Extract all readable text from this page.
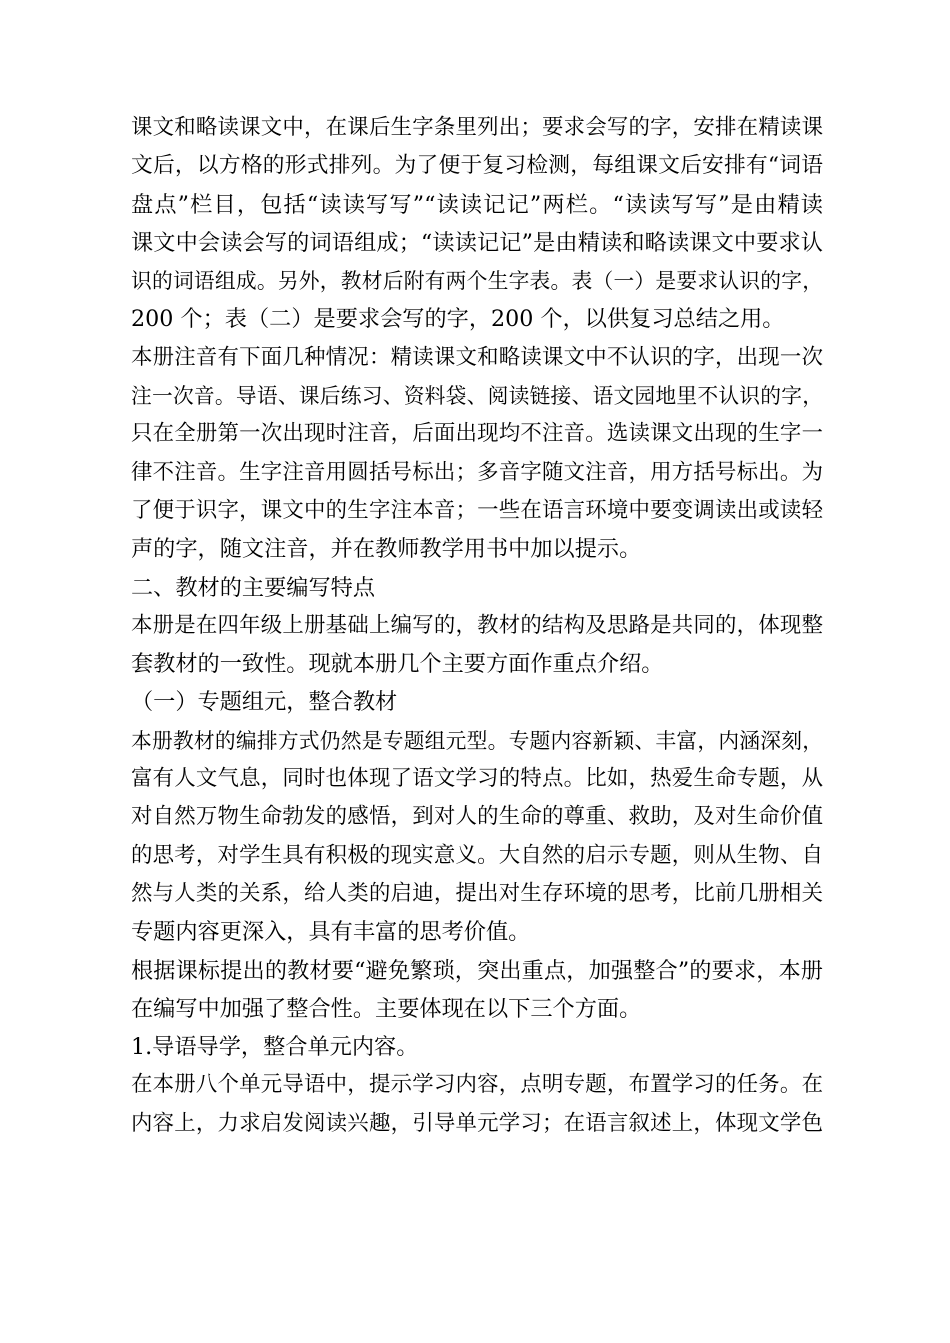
课文和略读课文中，在课后生字条里列出；要求会写的字，安排在精读课
文后，以方格的形式排列。为了便于复习检测，每组课文后安排有“词语
盘点”栏目，包括“读读写写”“读读记记”两栏。“读读写写”是由精读
课文中会读会写的词语组成；“读读记记”是由精读和略读课文中要求认
识的词语组成。另外，教材后附有两个生字表。表（一）是要求认识的字，
200 个；表（二）是要求会写的字，200 个，以供复习总结之用。
本册注音有下面几种情况：精读课文和略读课文中不认识的字，出现一次
注一次音。导语、课后练习、资料袋、阅读链接、语文园地里不认识的字，
只在全册第一次出现时注音，后面出现均不注音。选读课文出现的生字一
律不注音。生字注音用圆括号标出；多音字随文注音，用方括号标出。为
了便于识字，课文中的生字注本音；一些在语言环境中要变调读出或读轻
声的字，随文注音，并在教师教学用书中加以提示。
二、教材的主要编写特点
本册是在四年级上册基础上编写的，教材的结构及思路是共同的，体现整
套教材的一致性。现就本册几个主要方面作重点介绍。
（一）专题组元，整合教材
本册教材的编排方式仍然是专题组元型。专题内容新颖、丰富，内涵深刻，
富有人文气息，同时也体现了语文学习的特点。比如，热爱生命专题，从
对自然万物生命勃发的感悟，到对人的生命的尊重、救助，及对生命价值
的思考，对学生具有积极的现实意义。大自然的启示专题，则从生物、自
然与人类的关系，给人类的启迪，提出对生存环境的思考，比前几册相关
专题内容更深入，具有丰富的思考价值。
根据课标提出的教材要“避免繁琐，突出重点，加强整合”的要求，本册
在编写中加强了整合性。主要体现在以下三个方面。
1.导语导学，整合单元内容。
在本册八个单元导语中，提示学习内容，点明专题，布置学习的任务。在
内容上，力求启发阅读兴趣，引导单元学习；在语言叙述上，体现文学色
